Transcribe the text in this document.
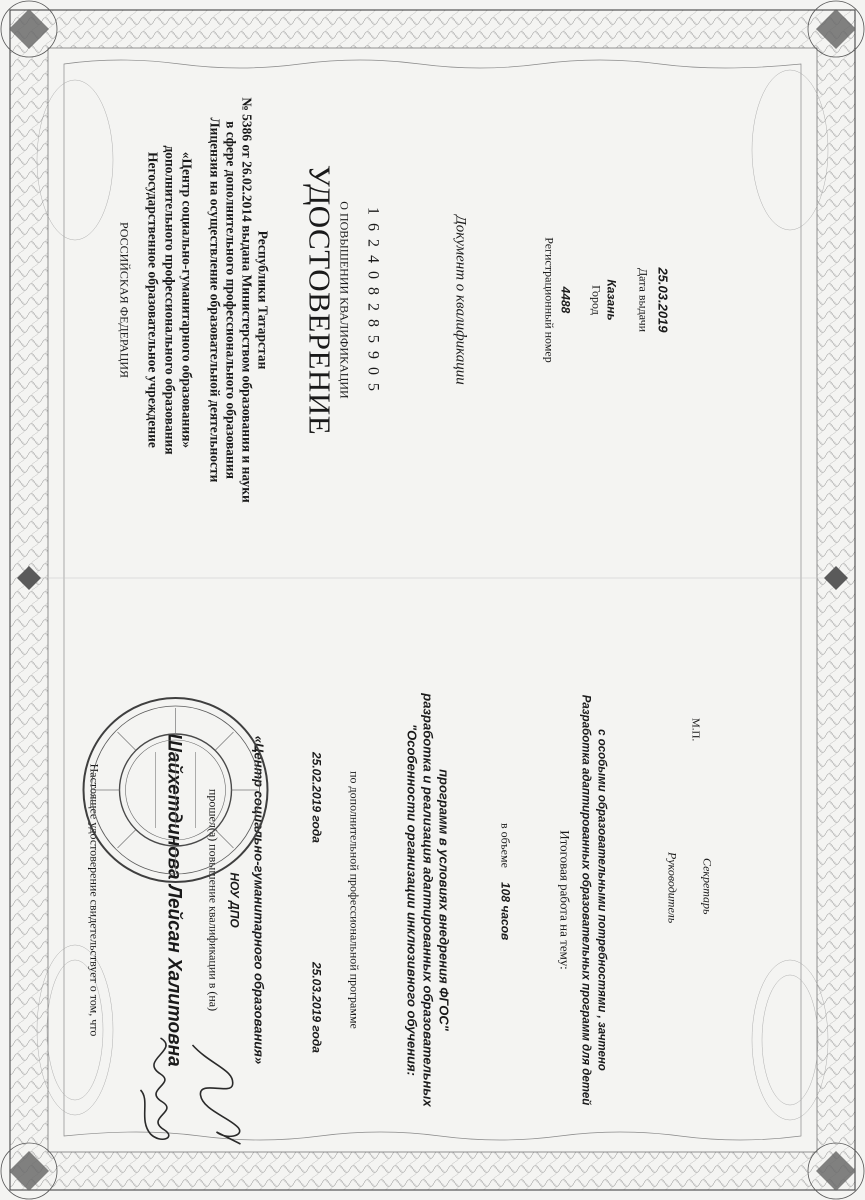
РОССИЙСКАЯ ФЕДЕРАЦИЯ Негосударственное образовательное учреждение дополнительного профессионального образования «Центр социально-гуманитарного образования» Лицензия на осуществление образовательной деятельности в сфере дополнительного профессионального образования № 5386 от 26.02.2014 выдана Министерством образования и науки Республики Татарстан УДОСТОВЕРЕНИЕ О ПОВЫШЕНИИ КВАЛИФИКАЦИИ 1 6 2 4 0 8 2 8 5 9 0 5	Документ о квалификации	Регистрационный номер 4488 Город Казань Дата выдачи 25.03.2019
Настоящее удостоверение свидетельствует о том, что	Шайхетдинова Лейсан Халитовна прошел(а) повышение квалификации в (на) НОУ ДПО «Центр социально-гуманитарного образования»	25.02.2019 года
25.03.2019 года по дополнительной профессиональной программе	"Особенности организации инклюзивного обучения: разработка и реализация адаптированных образовательных программ в условиях внедрения ФГОС"	в объеме
108 часов	Итоговая работа на тему: Разработка адаптированных образовательных программ для детей с особыми образовательными потребностями , зачтено	Руководитель
М.П.
Секретарь
